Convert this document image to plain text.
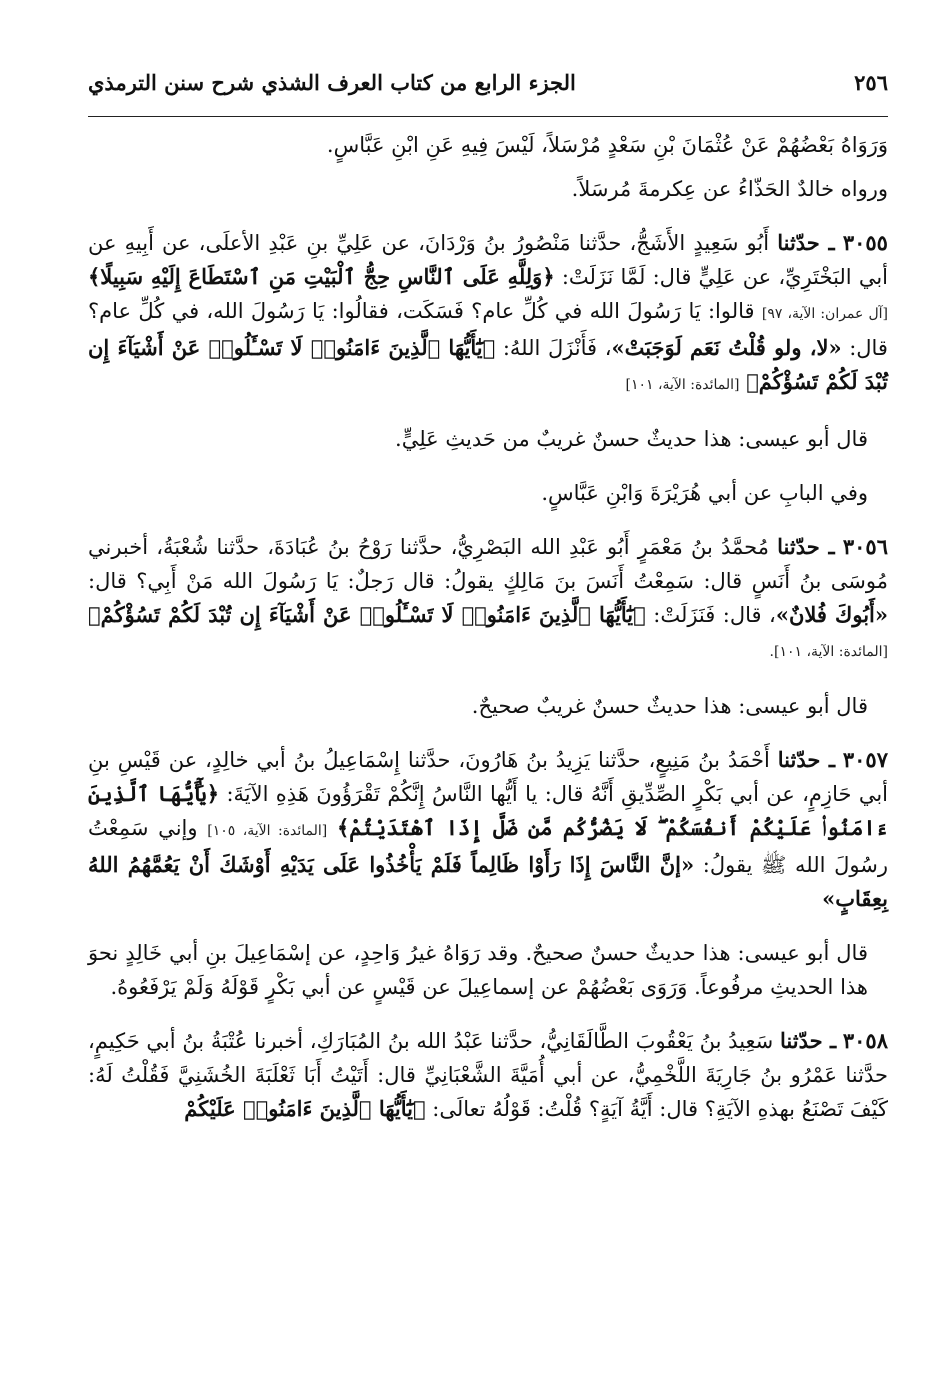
٢٥٦
الجزء الرابع من كتاب العرف الشذي شرح سنن الترمذي

وَرَوَاهُ بَعْضُهُمْ عَنْ عُثْمَانَ بْنِ سَعْدٍ مُرْسَلاً، لَيْسَ فِيهِ عَنِ ابْنِ عَبَّاسٍ.

ورواه خالدٌ الحَذّاءُ عن عِكرمةَ مُرسَلاً.

٣٠٥٥ ـ حدّثنا أَبُو سَعِيدٍ الأَشَجُّ، حدَّثنا مَنْصُورُ بنُ وَرْدَانَ، عن عَلِيِّ بنِ عَبْدِ الأعلَى، عن أَبِيهِ عن أبي البَخْتَرِيِّ، عن عَلِيٍّ قال: لَمَّا نَزَلَتْ: ﴿وَلِلَّهِ عَلَى ٱلنَّاسِ حِجُّ ٱلْبَيْتِ مَنِ ٱسْتَطَاعَ إِلَيْهِ سَبِيلًا﴾ [آل عمران: الآية، ٩٧] قالوا: يَا رَسُولَ الله في كُلِّ عام؟ فَسَكَت، فقالُوا: يَا رَسُولَ الله، في كُلِّ عام؟ قال: «لا، ولو قُلْتُ نَعَم لَوَجَبَتْ»، فَأَنْزَلَ اللهُ: ﴿يَٰٓأَيُّهَا ٱلَّذِينَ ءَامَنُوا۟ لَا تَسْـَٔلُوا۟ عَنْ أَشْيَآءَ إِن تُبْدَ لَكُمْ تَسُؤْكُمْ﴾ [المائدة: الآية، ١٠١]

قال أبو عيسى: هذا حديثٌ حسنٌ غريبٌ من حَديثِ عَلِيٍّ.

وفي البابِ عن أبي هُرَيْرَةَ وَابْنِ عَبَّاسٍ.

٣٠٥٦ ـ حدّثنا مُحمَّدُ بنُ مَعْمَرٍ أَبُو عَبْدِ الله البَصْرِيُّ، حدَّثنا رَوْحُ بنُ عُبَادَةَ، حدَّثنا شُعْبَةُ، أخبرني مُوسَى بنُ أَنَسٍ قال: سَمِعْتُ أَنَسَ بنَ مَالِكٍ يقولُ: قال رَجلٌ: يَا رَسُولَ الله مَنْ أَبِي؟ قال: «أَبُوكَ فُلانٌ»، قال: فَنَزَلَتْ: ﴿يَٰٓأَيُّهَا ٱلَّذِينَ ءَامَنُوا۟ لَا تَسْـَٔلُوا۟ عَنْ أَشْيَآءَ إِن تُبْدَ لَكُمْ تَسُؤْكُمْ﴾ [المائدة: الآية، ١٠١].

قال أبو عيسى: هذا حديثٌ حسنٌ غريبٌ صحيحٌ.

٣٠٥٧ ـ حدّثنا أَحْمَدُ بنُ مَنِيعٍ، حدَّثنا يَزِيدُ بنُ هَارُونَ، حدَّثنا إِسْمَاعِيلُ بنُ أبي خالِدٍ، عن قَيْسِ بنِ أبي حَازِمٍ، عن أبي بَكْرٍ الصِّدِّيقِ أَنَّهُ قال: يا أَيُّها النَّاسُ إِنَّكُمْ تَقْرَؤُونَ هَذِهِ الآيَةَ: ﴿يَٰٓأَيُّهَا ٱلَّذِينَ ءَامَنُوا۟ عَلَيْكُمْ أَنفُسَكُمْ ۖ لَا يَضُرُّكُم مَّن ضَلَّ إِذَا ٱهْتَدَيْتُمْ﴾ [المائدة: الآية، ١٠٥] وإني سَمِعْتُ رسُولَ الله ﷺ يقولُ: «إنَّ النَّاسَ إِذَا رَأَوْا ظَالِماً فَلَمْ يَأْخُذُوا عَلَى يَدَيْهِ أَوْشَكَ أَنْ يَعُمَّهُمُ اللهُ بِعِقَابٍ»

قال أبو عيسى: هذا حديثٌ حسنٌ صحيحٌ. وقد رَوَاهُ غيرُ وَاحِدٍ، عن إسْمَاعِيلَ بنِ أبي خَالِدٍ نحوَ هذا الحديثِ مرفُوعاً. وَرَوَى بَعْضُهُمْ عن إسماعِيلَ عن قَيْسٍ عن أبي بَكْرٍ قَوْلَهُ وَلَمْ يَرْفَعُوهُ.

٣٠٥٨ ـ حدّثنا سَعِيدُ بنُ يَعْقُوبَ الطَّالَقَانِيُّ، حدَّثنا عَبْدُ الله بنُ المُبَارَكِ، أخبرنا عُتْبَةُ بنُ أبي حَكِيمٍ، حدَّثنا عَمْرُو بنُ جَارِيَةَ اللَّخْمِيُّ، عن أبي أُمَيَّةَ الشَّعْبَانِيِّ قال: أَتَيْتُ أَبَا ثَعْلَبَةَ الخُشَنِيَّ فَقُلْتُ لَهُ: كَيْفَ تَصْنَعُ بهذهِ الآيَةِ؟ قال: أَيَّةُ آيَةٍ؟ قُلْتُ: قَوْلُهُ تعالَى: ﴿يَٰٓأَيُّهَا ٱلَّذِينَ ءَامَنُوا۟ عَلَيْكُمْ
